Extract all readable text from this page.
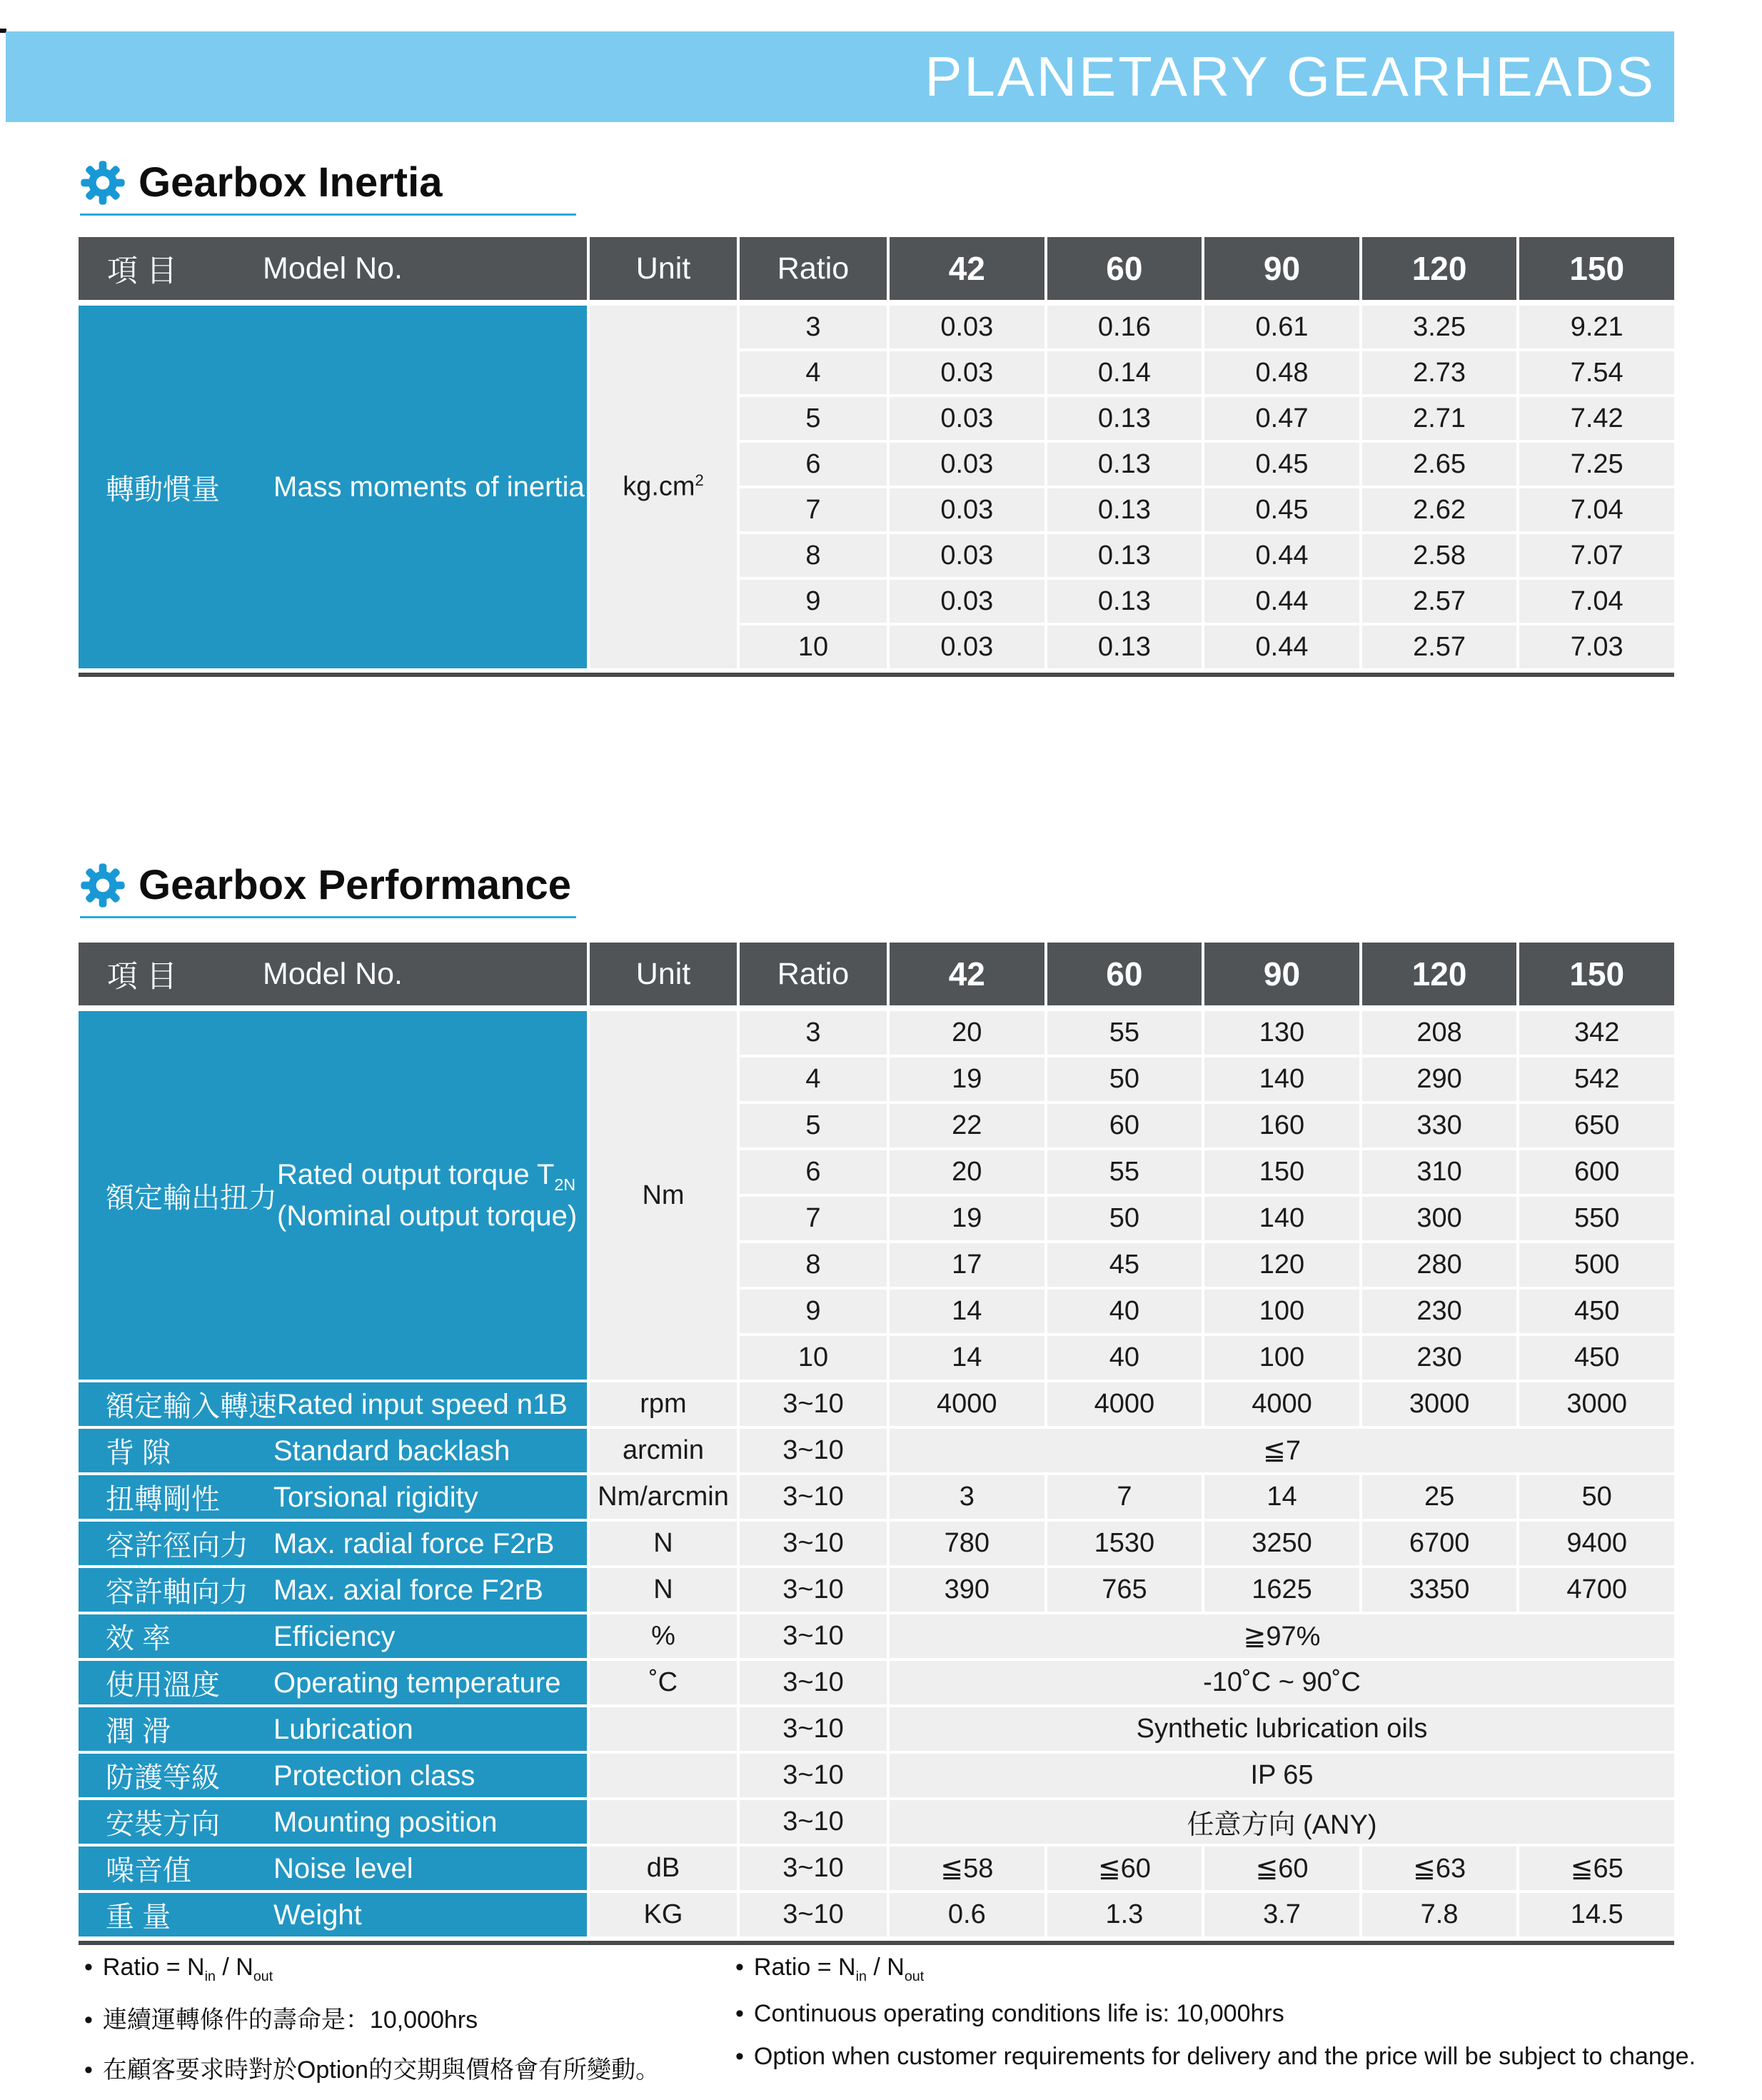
PLANETARY GEARHEADS
Gearbox Inertia
項 目	Model No.	Unit	Ratio	42	60	90	120	150
轉動慣量	Mass moments of inertia $kg.cm^2$
3	0.03	0.16	0.61	3.25	9.21
4	0.03	0.14	0.48	2.73	7.54
5	0.03	0.13	0.47	2.71	7.42
6	0.03	0.13	0.45	2.65	7.25
7	0.03	0.13	0.45	2.62	7.04
8	0.03	0.13	0.44	2.58	7.07
9	0.03	0.13	0.44	2.57	7.04
10	0.03	0.13	0.44	2.57	7.03
Gearbox Performance
項 目	Model No.	Unit	Ratio	42	60	90	120	150
額定輸出扭力
Rated output torque $T_{2N}$
(Nominal output torque)
Nm
3	20	55	130	208	342
4	19	50	140	290	542
5	22	60	160	330	650
6	20	55	150	310	600
7	19	50	140	300	550
8	17	45	120	280	500
9	14	40	100	230	450
10	14	40	100	230	450
額定輸入轉速 Rated input speed n1B	rpm	3~10	4000	4000	4000	3000	3000
背 隙	Standard backlash	arcmin	3~10	≦7
扭轉剛性	Torsional rigidity	Nm/arcmin	3~10	3	7	14	25	50
容許徑向力 Max. radial force F2rB	N	3~10	780	1530	3250	6700	9400
容許軸向力 Max. axial force F2rB	N	3~10	390	765	1625	3350	4700
效 率	Efficiency	%	3~10	≧97%
使用溫度	Operating temperature	˚C	3~10	-10˚C ~ 90˚C
潤 滑	Lubrication	3~10	Synthetic lubrication oils
防護等級	Protection class	3~10	IP 65
安裝方向	Mounting position	3~10	任意方向 (ANY)
噪音值	Noise level	dB	3~10	≦58	≦60	≦60	≦63	≦65
重 量	Weight	KG	3~10	0.6	1.3	3.7	7.8	14.5
• Ratio = $N_{in} / N_{out}$
• 連續運轉條件的壽命是：10,000hrs
• 在顧客要求時對於Option的交期與價格會有所變動。
• Ratio = $N_{in} / N_{out}$
• Continuous operating conditions life is: 10,000hrs
• Option when customer requirements for delivery and the price will be subject to change.
